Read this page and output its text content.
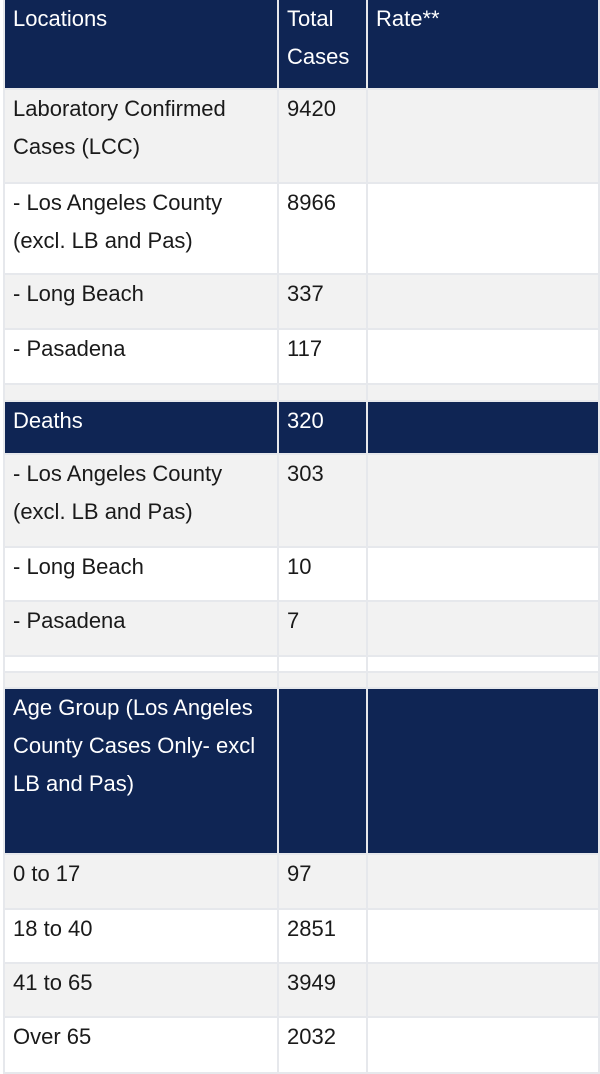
Locations	Total Cases	Rate**
Laboratory Confirmed Cases (LCC)	9420	
- Los Angeles County (excl. LB and Pas)	8966	
- Long Beach	337	
- Pasadena	117	

Deaths	320	
- Los Angeles County (excl. LB and Pas)	303	
- Long Beach	10	
- Pasadena	7	

Age Group (Los Angeles County Cases Only- excl LB and Pas)		
0 to 17	97	
18 to 40	2851	
41 to 65	3949	
Over 65	2032	
